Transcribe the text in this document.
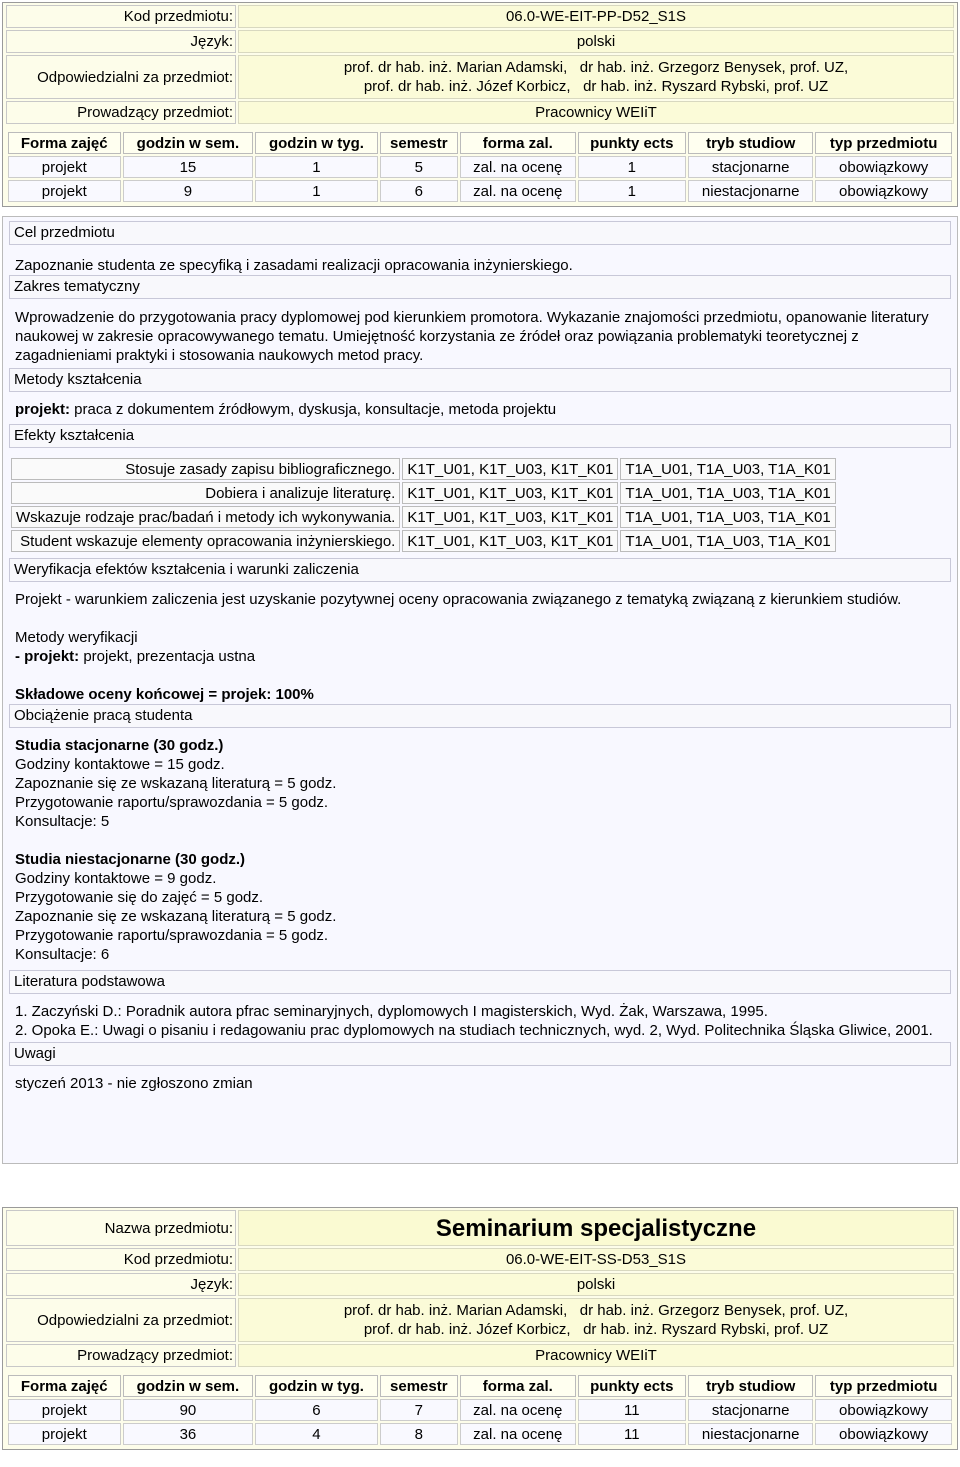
Kod przedmiotu:	06.0-WE-EIT-PP-D52_S1S
Język:	polski
Odpowiedzialni za przedmiot:	prof. dr hab. inż. Marian Adamski,   dr hab. inż. Grzegorz Benysek, prof. UZ,
prof. dr hab. inż. Józef Korbicz,   dr hab. inż. Ryszard Rybski, prof. UZ

Prowadzący przedmiot:	Pracownicy WEIiT
Forma zajęć	godzin w sem.	godzin w tyg.	semestr	forma zal.	punkty ects	tryb studiow	typ przedmiotu
projekt	15	1	5	zal. na ocenę	1	stacjonarne	obowiązkowy
projekt	9	1	6	zal. na ocenę	1	niestacjonarne	obowiązkowy
Cel przedmiotu
Zapoznanie studenta ze specyfiką i zasadami realizacji opracowania inżynierskiego.
Zakres tematyczny
Wprowadzenie do przygotowania pracy dyplomowej pod kierunkiem promotora. Wykazanie znajomości przedmiotu, opanowanie literatury naukowej w zakresie opracowywanego tematu. Umiejętność korzystania ze źródeł oraz powiązania problematyki teoretycznej z zagadnieniami praktyki i stosowania naukowych metod pracy.
Metody kształcenia
projekt: praca z dokumentem źródłowym, dyskusja, konsultacje, metoda projektu
Efekty kształcenia
Stosuje zasady zapisu bibliograficznego.	K1T_U01, K1T_U03, K1T_K01	T1A_U01, T1A_U03, T1A_K01
Dobiera i analizuje literaturę.	K1T_U01, K1T_U03, K1T_K01	T1A_U01, T1A_U03, T1A_K01
Wskazuje rodzaje prac/badań i metody ich wykonywania.	K1T_U01, K1T_U03, K1T_K01	T1A_U01, T1A_U03, T1A_K01
Student wskazuje elementy opracowania inżynierskiego.	K1T_U01, K1T_U03, K1T_K01	T1A_U01, T1A_U03, T1A_K01
Weryfikacja efektów kształcenia i warunki zaliczenia
Projekt - warunkiem zaliczenia jest uzyskanie pozytywnej oceny opracowania związanego z tematyką związaną z kierunkiem studiów.
Metody weryfikacji
- projekt: projekt, prezentacja ustna
Składowe oceny końcowej = projek: 100%
Obciążenie pracą studenta
Studia stacjonarne (30 godz.)
Godziny kontaktowe = 15 godz.
Zapoznanie się ze wskazaną literaturą = 5 godz.
Przygotowanie raportu/sprawozdania = 5 godz.
Konsultacje: 5
Studia niestacjonarne (30 godz.)
Godziny kontaktowe = 9 godz.
Przygotowanie się do zajęć = 5 godz.
Zapoznanie się ze wskazaną literaturą = 5 godz.
Przygotowanie raportu/sprawozdania = 5 godz.
Konsultacje: 6
Literatura podstawowa
1. Zaczyński D.: Poradnik autora pfrac seminaryjnych, dyplomowych I magisterskich, Wyd. Żak, Warszawa, 1995.
2. Opoka E.: Uwagi o pisaniu i redagowaniu prac dyplomowych na studiach technicznych, wyd. 2, Wyd. Politechnika Śląska Gliwice, 2001.
Uwagi
styczeń 2013 - nie zgłoszono zmian
Nazwa przedmiotu:	Seminarium specjalistyczne
Kod przedmiotu:	06.0-WE-EIT-SS-D53_S1S
Język:	polski
Odpowiedzialni za przedmiot:	prof. dr hab. inż. Marian Adamski,   dr hab. inż. Grzegorz Benysek, prof. UZ,
prof. dr hab. inż. Józef Korbicz,   dr hab. inż. Ryszard Rybski, prof. UZ

Prowadzący przedmiot:	Pracownicy WEIiT
Forma zajęć	godzin w sem.	godzin w tyg.	semestr	forma zal.	punkty ects	tryb studiow	typ przedmiotu
projekt	90	6	7	zal. na ocenę	11	stacjonarne	obowiązkowy
projekt	36	4	8	zal. na ocenę	11	niestacjonarne	obowiązkowy
